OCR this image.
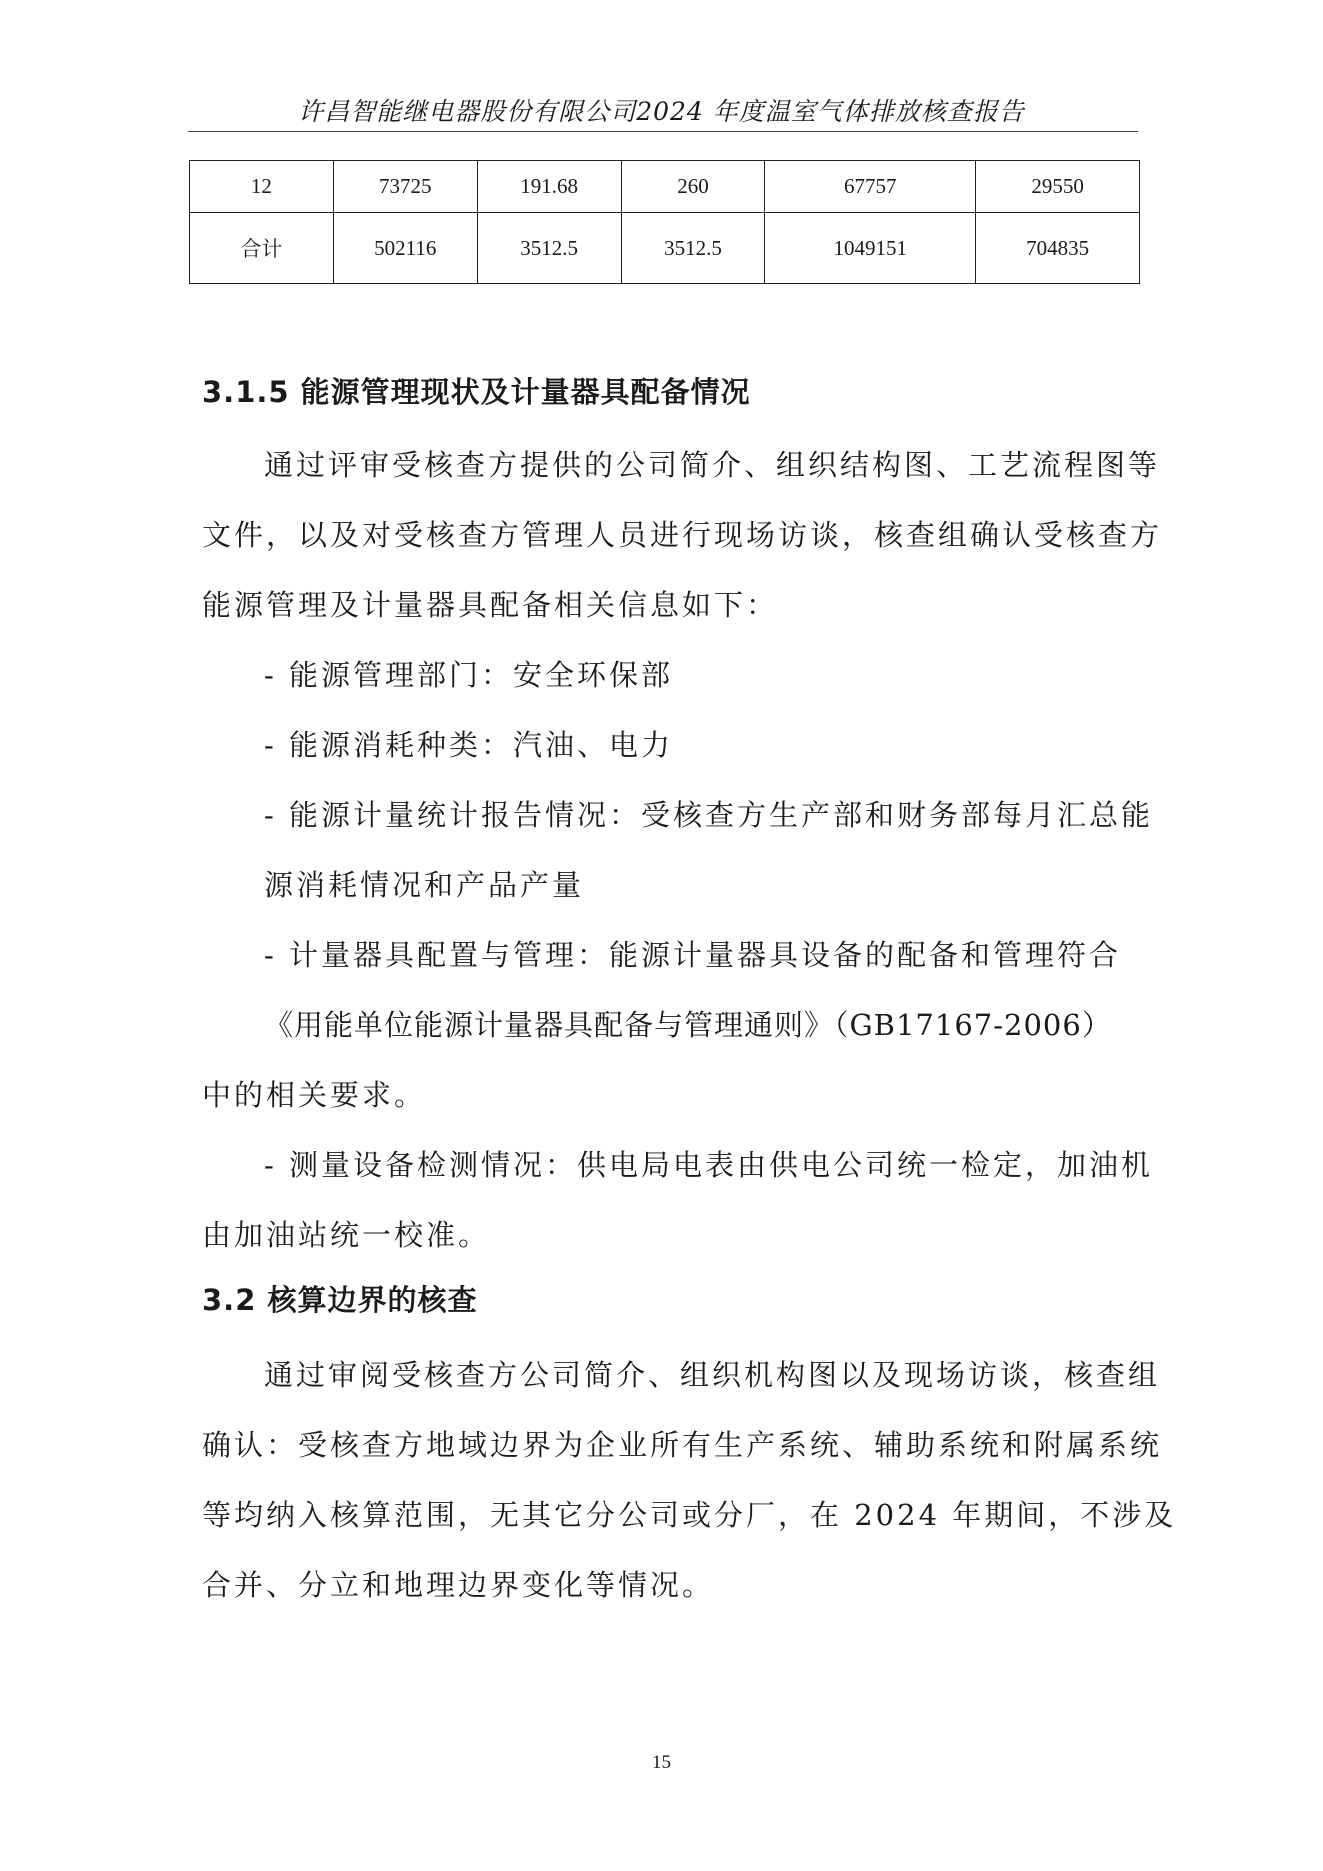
许昌智能继电器股份有限公司2024 年度温室气体排放核查报告
12	73725	191.68	260	67757	29550
合计	502116	3512.5	3512.5	1049151	704835
3.1.5 能源管理现状及计量器具配备情况
通过评审受核查方提供的公司简介、组织结构图、工艺流程图等
文件，以及对受核查方管理人员进行现场访谈，核查组确认受核查方
能源管理及计量器具配备相关信息如下：
- 能源管理部门：安全环保部
- 能源消耗种类：汽油、电力
- 能源计量统计报告情况：受核查方生产部和财务部每月汇总能
源消耗情况和产品产量
- 计量器具配置与管理：能源计量器具设备的配备和管理符合
《用能单位能源计量器具配备与管理通则》（GB17167-2006）
中的相关要求。
- 测量设备检测情况：供电局电表由供电公司统一检定，加油机
由加油站统一校准。
3.2 核算边界的核查
通过审阅受核查方公司简介、组织机构图以及现场访谈，核查组
确认：受核查方地域边界为企业所有生产系统、辅助系统和附属系统
等均纳入核算范围，无其它分公司或分厂，在 2024 年期间，不涉及
合并、分立和地理边界变化等情况。
15
